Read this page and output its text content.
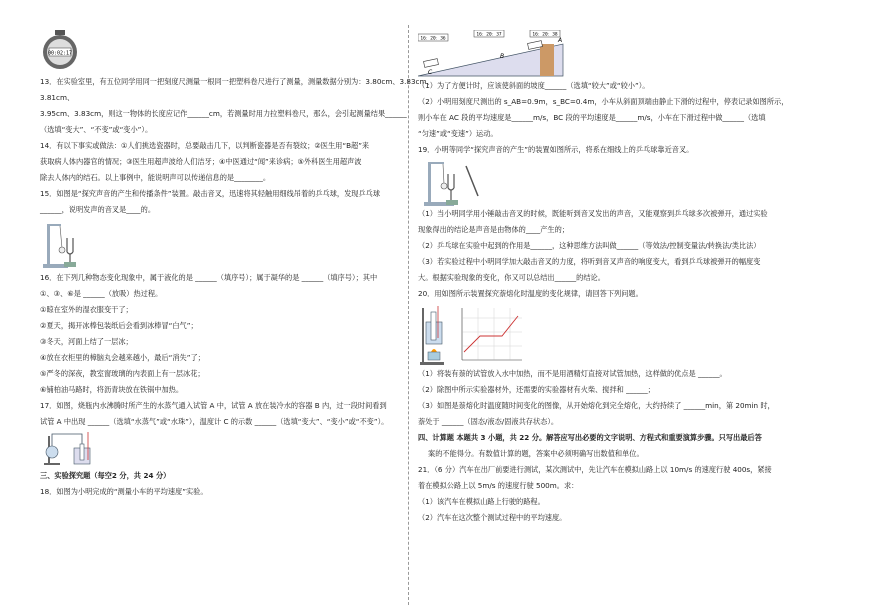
00:02:17

13．在实验室里，有五位同学用同一把刻度尺测量一根同一把塑料卷尺进行了测量，测量数据分别为：3.80cm、3.83cm、3.81cm、

3.95cm、3.83cm，则这一物体的长度应记作______cm，若测量时用力拉塑料卷尺，那么，会引起测量结果______

（选填“变大”、“不变”或“变小”）。

14．有以下事实或做法：①人们挑选瓷器时，总要敲击几下，以判断瓷器是否有裂纹；②医生用“B超”来

获取病人体内器官的情况；③医生用超声波给人们洁牙；④中医通过“闻”来诊病；⑤外科医生用超声波

除去人体内的结石。以上事例中，能说明声可以传递信息的是________。

15．如图是“探究声音的产生和传播条件”装置。敲击音叉，迅速将其轻触用细线吊着的乒乓球，发现乒乓球

______，说明发声的音叉是____的。

16．在下列几种物态变化现象中，属于液化的是 ______（填序号）；属于凝华的是 ______（填序号）；其中

①、③、⑥是 ______（放吸）热过程。

①晾在室外的湿衣服变干了；

②夏天，揭开冰棒包装纸后会看到冰棒冒“白气”；

③冬天，河面上结了一层冰；

④放在衣柜里的樟脑丸会越来越小，最后“消失”了；

⑤严冬的深夜，教室窗玻璃的内表面上有一层冰花；

⑥铺柏油马路时，将沥青块放在铁锅中加热。

17．如图，烧瓶内水沸腾时所产生的水蒸气通入试管 A 中，试管 A 放在装冷水的容器 B 内，过一段时间看到

试管 A 中出现 ______（选填“水蒸气”或“水珠”），温度计 C 的示数 ______（选填“变大”、“变小”或“不变”）。

三、实验探究题（每空2 分，共 24 分）

18．如图为小明完成的“测量小车的平均速度”实验。

16：20：36
16：20：37	16：20：38
A
B
C

（1）为了方便计时，应该使斜面的坡度______（选填“较大”或“较小”）。

（2）小明用刻度尺测出的 s_AB=0.9m，s_BC=0.4m，小车从斜面顶端由静止下滑的过程中，停表记录如图所示，

则小车在 AC 段的平均速度是______m/s，BC 段的平均速度是______m/s，小车在下滑过程中做______（选填

“匀速”或“变速”）运动。

19．小明等同学“探究声音的产生”的装置如图所示，将系在细线上的乒乓球靠近音叉。

（1）当小明同学用小锤敲击音叉的时候，既能听到音叉发出的声音，又能观察到乒乓球多次被弹开，通过实验

现象得出的结论是声音是由物体的____产生的；

（2）乒乓球在实验中起到的作用是______，这种思维方法叫做______（等效法/控制变量法/转换法/类比法）

（3）若实验过程中小明同学加大敲击音叉的力度，将听到音叉声音的响度变大，看到乒乓球被弹开的幅度变

大。根据实验现象的变化，你又可以总结出______的结论。

20．用如图所示装置探究萘熔化时温度的变化规律，请回答下列问题。

（1）将装有萘的试管放入水中加热，而不是用酒精灯直接对试管加热，这样做的优点是 ______。

（2）除图中所示实验器材外，还需要的实验器材有火柴、搅拌和 ______；

（3）如图是萘熔化时温度随时间变化的图像，从开始熔化到完全熔化，大约持续了 ______min，第 20min 时，

萘处于 ______（固态/液态/固液共存状态）。

四、计算题 本题共 3 小题，共 22 分。解答应写出必要的文字说明、方程式和重要演算步骤。只写出最后答

案的不能得分。有数值计算的题，答案中必须明确写出数值和单位。

21．（6 分）汽车在出厂前要进行测试，某次测试中，先让汽车在模拟山路上以 10m/s 的速度行驶 400s，紧接

着在模拟公路上以 5m/s 的速度行驶 500m。求：

（1）该汽车在模拟山路上行驶的路程。

（2）汽车在这次整个测试过程中的平均速度。
